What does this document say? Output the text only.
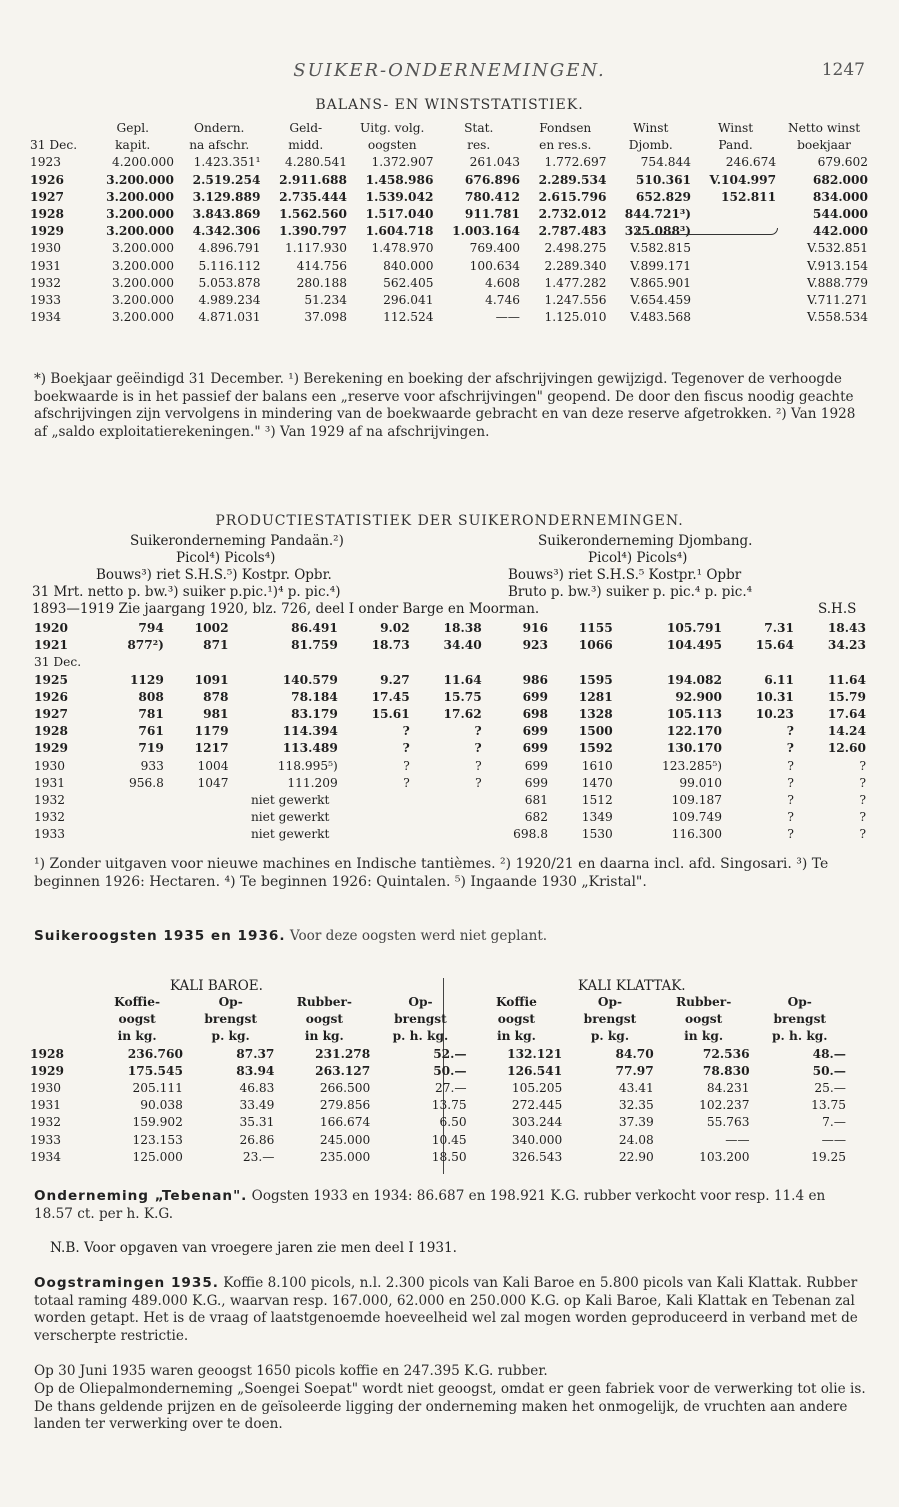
SUIKER-ONDERNEMINGEN.	1247
BALANS- EN WINSTSTATISTIEK.
	Gepl.	Ondern.	Geld-	Uitg. volg.	Stat.	Fondsen	Winst	Winst	Netto winst
31 Dec.	kapit.	na afschr.	midd.	oogsten	res.	en res.s.	Djomb.	Pand.	boekjaar
1923	4.200.000	1.423.351¹	4.280.541	1.372.907	261.043	1.772.697	754.844	246.674	679.602
1926	3.200.000	2.519.254	2.911.688	1.458.986	676.896	2.289.534	510.361	V.104.997	682.000
1927	3.200.000	3.129.889	2.735.444	1.539.042	780.412	2.615.796	652.829	152.811	834.000
1928	3.200.000	3.843.869	1.562.560	1.517.040	911.781	2.732.012	844.721³)		544.000
1929	3.200.000	4.342.306	1.390.797	1.604.718	1.003.164	2.787.483	325.088³)		442.000
1930	3.200.000	4.896.791	1.117.930	1.478.970	769.400	2.498.275	V.582.815		V.532.851
1931	3.200.000	5.116.112	414.756	840.000	100.634	2.289.340	V.899.171		V.913.154
1932	3.200.000	5.053.878	280.188	562.405	4.608	1.477.282	V.865.901		V.888.779
1933	3.200.000	4.989.234	51.234	296.041	4.746	1.247.556	V.654.459		V.711.271
1934	3.200.000	4.871.031	37.098	112.524	——	1.125.010	V.483.568		V.558.534
*) Boekjaar geëindigd 31 December. ¹) Berekening en boeking der afschrijvingen gewijzigd. Tegenover de verhoogde boekwaarde is in het passief der balans een „reserve voor afschrijvingen" geopend. De door den fiscus noodig geachte afschrijvingen zijn vervolgens in mindering van de boekwaarde gebracht en van deze reserve afgetrokken. ²) Van 1928 af „saldo exploitatierekeningen." ³) Van 1929 af na afschrijvingen.
PRODUCTIESTATISTIEK DER SUIKERONDERNEMINGEN.
Suikeronderneming Pandaän.²)	Suikeronderneming Djombang.
Picol⁴) Picols⁴)	Picol⁴) Picols⁴)
Bouws³) riet S.H.S.⁵) Kostpr. Opbr.	Bouws³) riet S.H.S.⁵ Kostpr.¹ Opbr
31 Mrt. netto p. bw.³) suiker p.pic.¹)⁴ p. pic.⁴)	Bruto p. bw.³) suiker p. pic.⁴ p. pic.⁴
1893—1919 Zie jaargang 1920, blz. 726, deel I onder Barge en Moorman.	S.H.S
1920	794	1002	86.491	9.02	18.38	916	1155	105.791	7.31	18.43
1921	877²)	871	81.759	18.73	34.40	923	1066	104.495	15.64	34.23
31 Dec.										
1925	1129	1091	140.579	9.27	11.64	986	1595	194.082	6.11	11.64
1926	808	878	78.184	17.45	15.75	699	1281	92.900	10.31	15.79
1927	781	981	83.179	15.61	17.62	698	1328	105.113	10.23	17.64
1928	761	1179	114.394	?	?	699	1500	122.170	?	14.24
1929	719	1217	113.489	?	?	699	1592	130.170	?	12.60
1930	933	1004	118.995⁵)	?	?	699	1610	123.285⁵)	?	?
1931	956.8	1047	111.209	?	?	699	1470	99.010	?	?
1932	niet gewerkt					681	1512	109.187	?	?
1932	niet gewerkt					682	1349	109.749	?	?
1933	niet gewerkt					698.8	1530	116.300	?	?
¹) Zonder uitgaven voor nieuwe machines en Indische tantièmes. ²) 1920/21 en daarna incl. afd. Singosari. ³) Te beginnen 1926: Hectaren. ⁴) Te beginnen 1926: Quintalen. ⁵) Ingaande 1930 „Kristal".
Suikeroogsten 1935 en 1936. Voor deze oogsten werd niet geplant.
KALI BAROE.	KALI KLATTAK.
	Koffie-	Op-	Rubber-	Op-	Koffie	Op-	Rubber-	Op-
	oogst	brengst	oogst	brengst	oogst	brengst	oogst	brengst
	in kg.	p. kg.	in kg.	p. h. kg.	in kg.	p. kg.	in kg.	p. h. kg.
1928	236.760	87.37	231.278	52.—	132.121	84.70	72.536	48.—
1929	175.545	83.94	263.127	50.—	126.541	77.97	78.830	50.—
1930	205.111	46.83	266.500	27.—	105.205	43.41	84.231	25.—
1931	90.038	33.49	279.856	13.75	272.445	32.35	102.237	13.75
1932	159.902	35.31	166.674	6.50	303.244	37.39	55.763	7.—
1933	123.153	26.86	245.000	10.45	340.000	24.08	——	——
1934	125.000	23.—	235.000	18.50	326.543	22.90	103.200	19.25
Onderneming „Tebenan". Oogsten 1933 en 1934: 86.687 en 198.921 K.G. rubber verkocht voor resp. 11.4 en 18.57 ct. per h. K.G.
N.B. Voor opgaven van vroegere jaren zie men deel I 1931.
Oogstramingen 1935. Koffie 8.100 picols, n.l. 2.300 picols van Kali Baroe en 5.800 picols van Kali Klattak. Rubber totaal raming 489.000 K.G., waarvan resp. 167.000, 62.000 en 250.000 K.G. op Kali Baroe, Kali Klattak en Tebenan zal worden getapt. Het is de vraag of laatstgenoemde hoeveelheid wel zal mogen worden geproduceerd in verband met de verscherpte restrictie.
Op 30 Juni 1935 waren geoogst 1650 picols koffie en 247.395 K.G. rubber.
Op de Oliepalmonderneming „Soengei Soepat" wordt niet geoogst, omdat er geen fabriek voor de verwerking tot olie is. De thans geldende prijzen en de geïsoleerde ligging der onderneming maken het onmogelijk, de vruchten aan andere landen ter verwerking over te doen.
